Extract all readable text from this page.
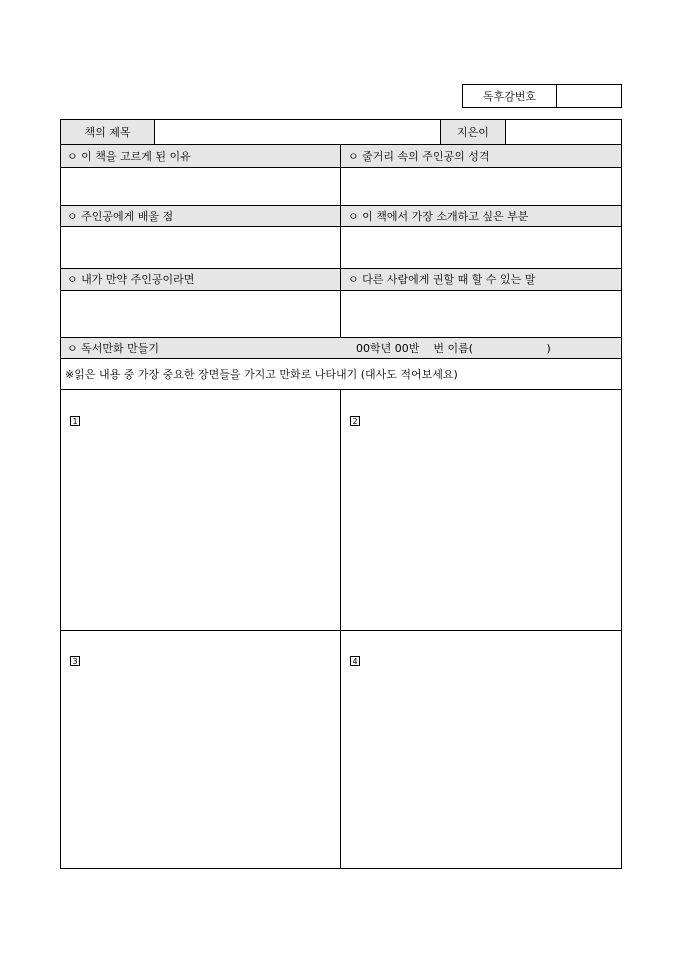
독후감번호
책의 제목	지은이
ㅇ 이 책을 고르게 된 이유	ㅇ 줄거리 속의 주인공의 성격
ㅇ 주인공에게 배울 점	ㅇ 이 책에서 가장 소개하고 싶은 부분
ㅇ 내가 만약 주인공이라면	ㅇ 다른 사람에게 권할 때 할 수 있는 말
ㅇ 독서만화 만들기	00학년 00반    번 이름(                     )
※읽은 내용 중 가장 중요한 장면들을 가지고 만화로 나타내기 (대사도 적어보세요)
1	2
3	4
